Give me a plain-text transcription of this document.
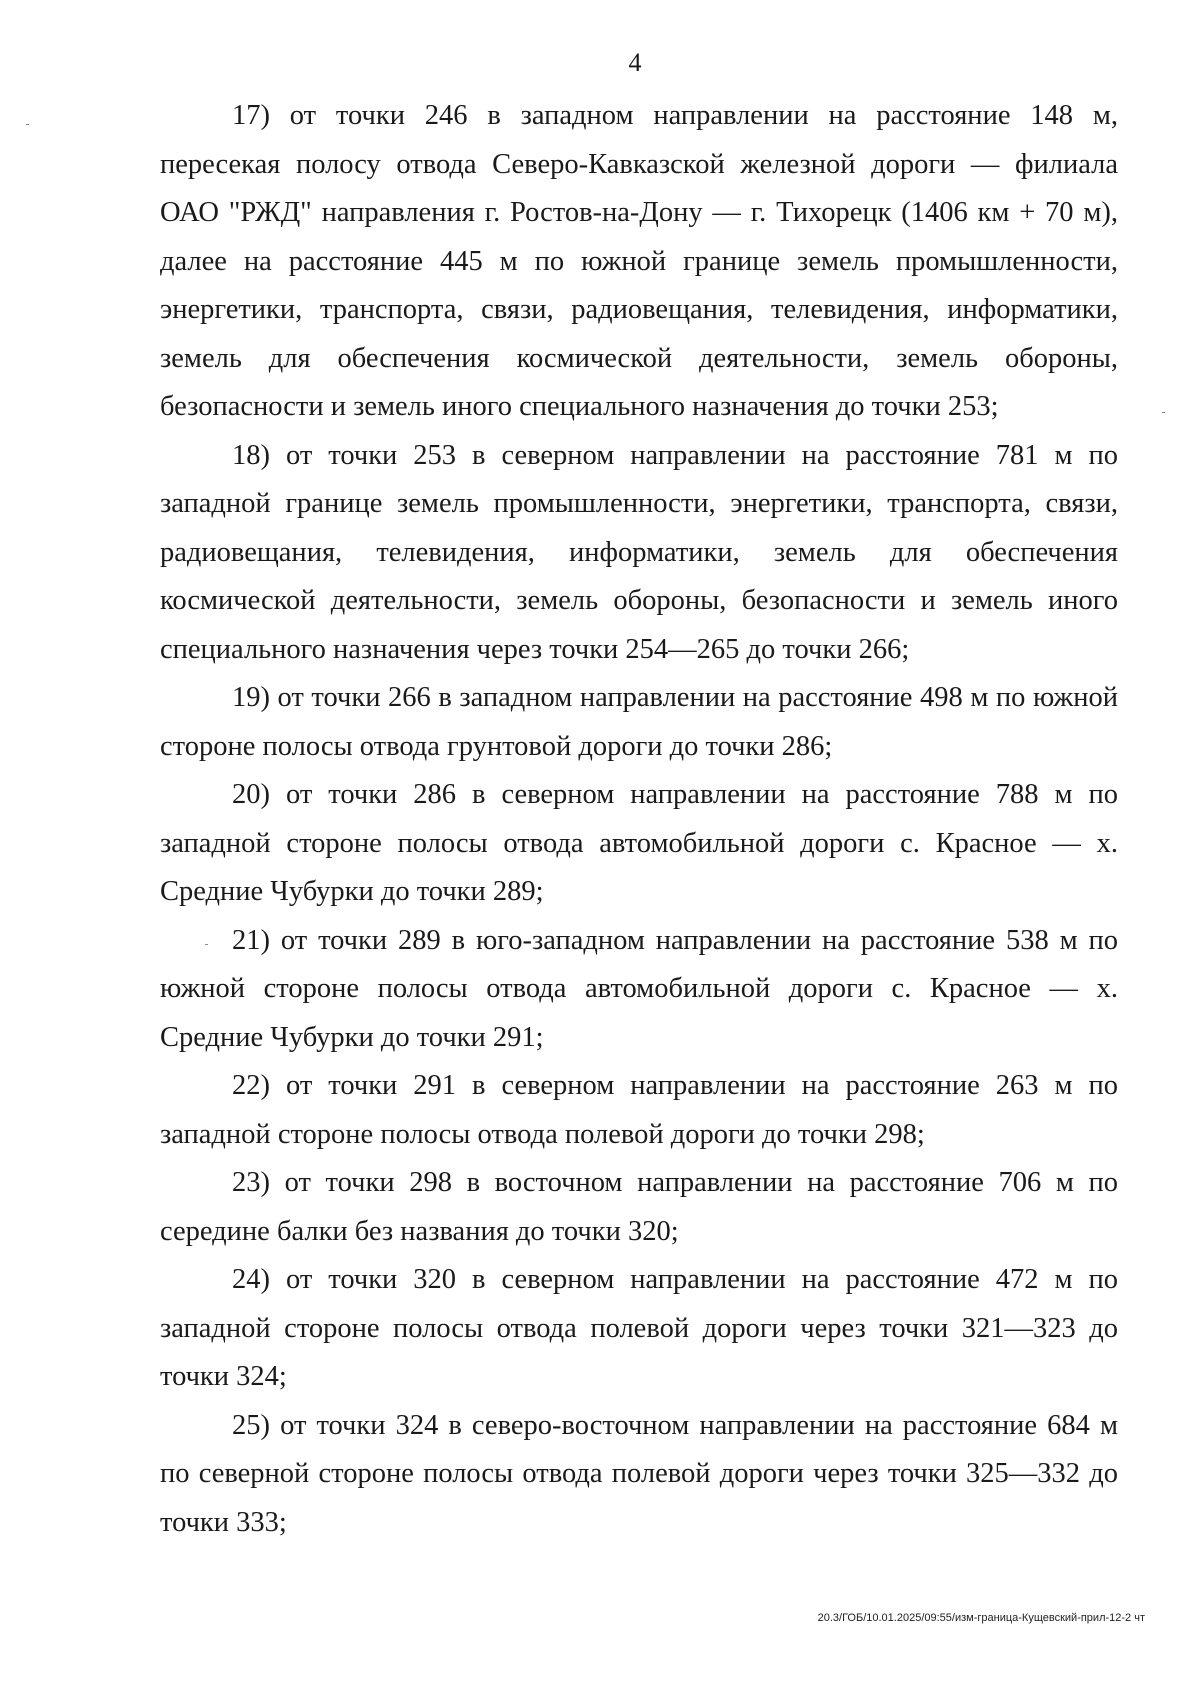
4

17) от точки 246 в западном направлении на расстояние 148 м, пересекая полосу отвода Северо-Кавказской железной дороги — филиала ОАО "РЖД" направления г. Ростов-на-Дону — г. Тихорецк (1406 км + 70 м), далее на расстояние 445 м по южной границе земель промышленности, энергетики, транспорта, связи, радиовещания, телевидения, информатики, земель для обеспечения космической деятельности, земель обороны, безопасности и земель иного специального назначения до точки 253;

18) от точки 253 в северном направлении на расстояние 781 м по западной границе земель промышленности, энергетики, транспорта, связи, радиовещания, телевидения, информатики, земель для обеспечения космической деятельности, земель обороны, безопасности и земель иного специального назначения через точки 254—265 до точки 266;

19) от точки 266 в западном направлении на расстояние 498 м по южной стороне полосы отвода грунтовой дороги до точки 286;

20) от точки 286 в северном направлении на расстояние 788 м по западной стороне полосы отвода автомобильной дороги с. Красное — х. Средние Чубурки до точки 289;

21) от точки 289 в юго-западном направлении на расстояние 538 м по южной стороне полосы отвода автомобильной дороги с. Красное — х. Средние Чубурки до точки 291;

22) от точки 291 в северном направлении на расстояние 263 м по западной стороне полосы отвода полевой дороги до точки 298;

23) от точки 298 в восточном направлении на расстояние 706 м по середине балки без названия до точки 320;

24) от точки 320 в северном направлении на расстояние 472 м по западной стороне полосы отвода полевой дороги через точки 321—323 до точки 324;

25) от точки 324 в северо-восточном направлении на расстояние 684 м по северной стороне полосы отвода полевой дороги через точки 325—332 до точки 333;

20.3/ГОБ/10.01.2025/09:55/изм-граница-Кущевский-прил-12-2 чт
